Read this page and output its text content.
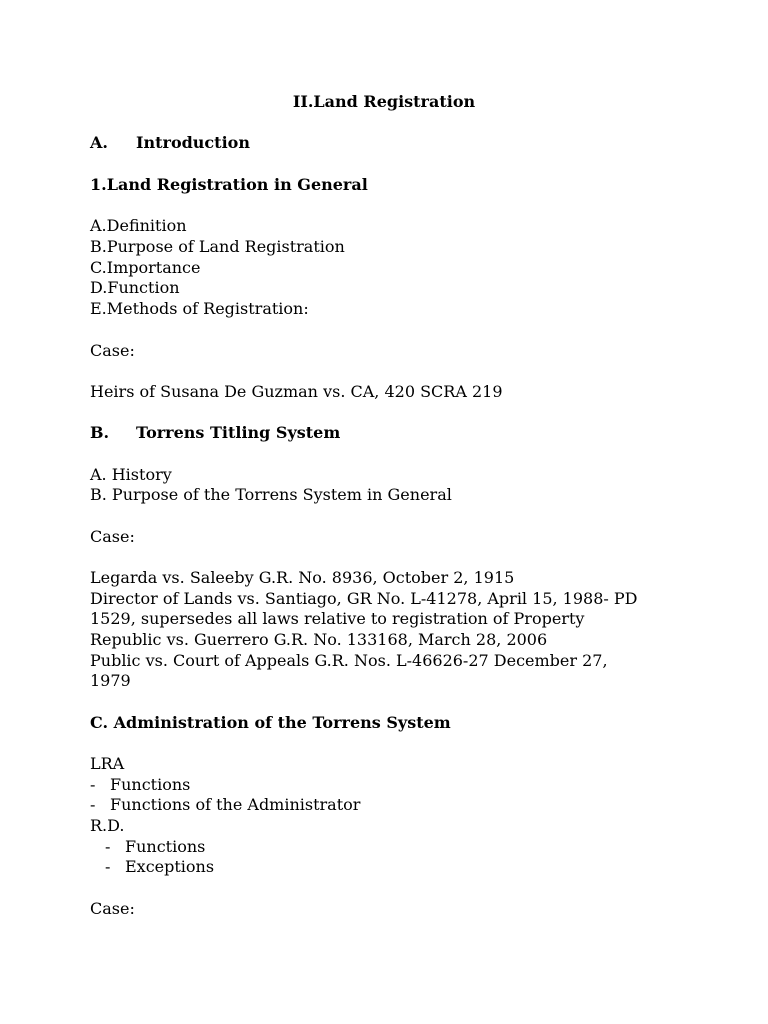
II.Land Registration
A. Introduction
1.Land Registration in General
A.Definition
B.Purpose of Land Registration
C.Importance
D.Function
E.Methods of Registration:
Case:
Heirs of Susana De Guzman vs. CA, 420 SCRA 219
B. Torrens Titling System
A. History
B. Purpose of the Torrens System in General
Case:
Legarda vs. Saleeby G.R. No. 8936, October 2, 1915
Director of Lands vs. Santiago, GR No. L-41278, April 15, 1988- PD
1529, supersedes all laws relative to registration of Property
Republic vs. Guerrero G.R. No. 133168, March 28, 2006
Public vs. Court of Appeals G.R. Nos. L-46626-27 December 27,
1979
C. Administration of the Torrens System
LRA
- Functions
- Functions of the Administrator
R.D.
- Functions
- Exceptions
Case:
